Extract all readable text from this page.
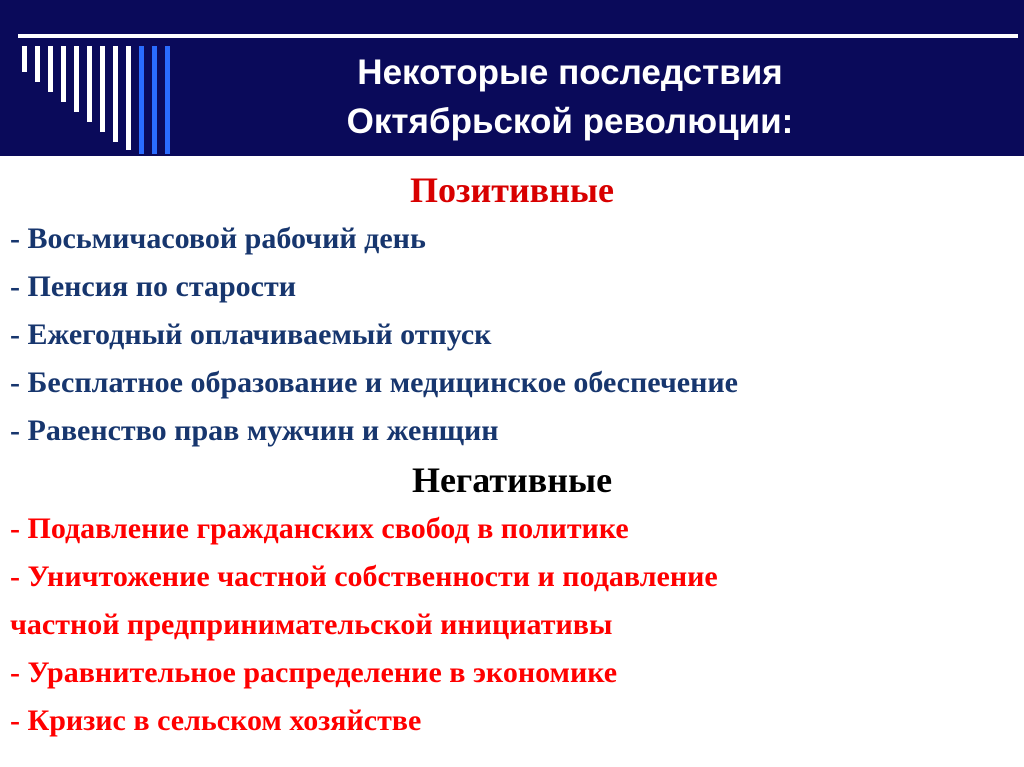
Некоторые последствия
Октябрьской революции:

Позитивные

- Восьмичасовой рабочий день

- Пенсия по старости

- Ежегодный оплачиваемый отпуск

- Бесплатное образование и медицинское обеспечение

- Равенство прав мужчин и женщин

Негативные

- Подавление гражданских свобод в политике

- Уничтожение частной собственности и подавление

частной предпринимательской инициативы

- Уравнительное распределение в экономике

- Кризис в сельском хозяйстве
